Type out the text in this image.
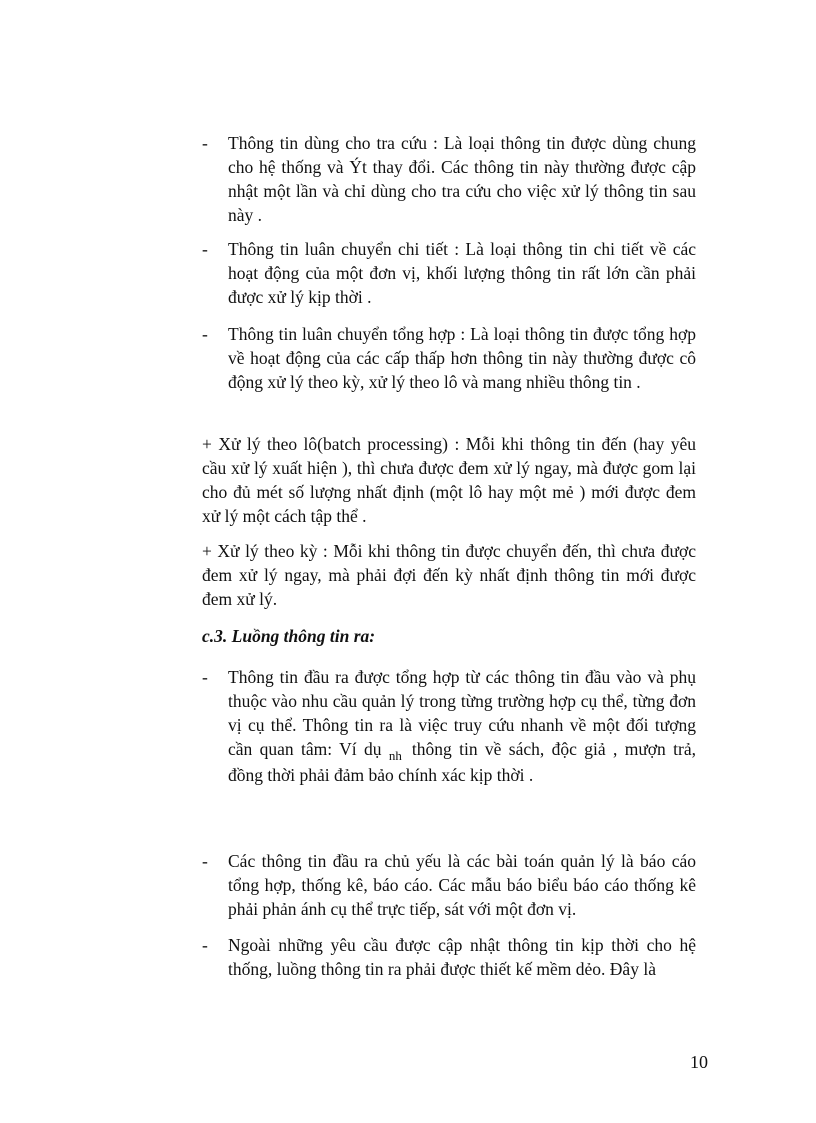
-	Thông tin dùng cho tra cứu : Là loại thông tin được dùng chung cho hệ thống và Ýt thay đổi. Các thông tin này thường được cập nhật một lần và chỉ dùng cho tra cứu cho việc xử lý thông tin sau này .
-	Thông tin luân chuyển chi tiết : Là loại thông tin chi tiết về các hoạt động của một đơn vị, khối lượng thông tin rất lớn cần phải được xử lý kịp thời .
-	Thông tin luân chuyển tổng hợp : Là loại thông tin được tổng hợp về hoạt động của các cấp thấp hơn thông tin này thường được cô động xử lý theo kỳ, xử lý theo lô và mang nhiều thông tin .
+ Xử lý theo lô(batch processing) : Mỗi khi thông tin đến (hay yêu cầu xử lý xuất hiện ), thì chưa được đem xử lý ngay, mà được gom lại cho đủ mét số lượng nhất định (một lô hay một mẻ ) mới được đem xử lý một cách tập thể .
+ Xử lý theo kỳ : Mỗi khi thông tin được chuyển đến, thì chưa được đem xử lý ngay, mà phải đợi đến kỳ nhất định thông tin mới được đem xử lý.
c.3. Luồng thông tin ra:
-	Thông tin đầu ra được tổng hợp từ các thông tin đầu vào và phụ thuộc vào nhu cầu quản lý trong từng trường hợp cụ thể, từng đơn vị cụ thể. Thông tin ra là việc truy cứu nhanh về một đối tượng cần quan tâm: Ví dụ $_{nh}$ thông tin về sách, độc giả , mượn trả, đồng thời phải đảm bảo chính xác kịp thời .
-	Các thông tin đầu ra chủ yếu là các bài toán quản lý là báo cáo tổng hợp, thống kê, báo cáo. Các mẫu báo biểu báo cáo thống kê phải phản ánh cụ thể trực tiếp, sát với một đơn vị.
-	Ngoài những yêu cầu được cập nhật thông tin kịp thời cho hệ thống, luồng thông tin ra phải được thiết kế mềm dẻo. Đây là
10
